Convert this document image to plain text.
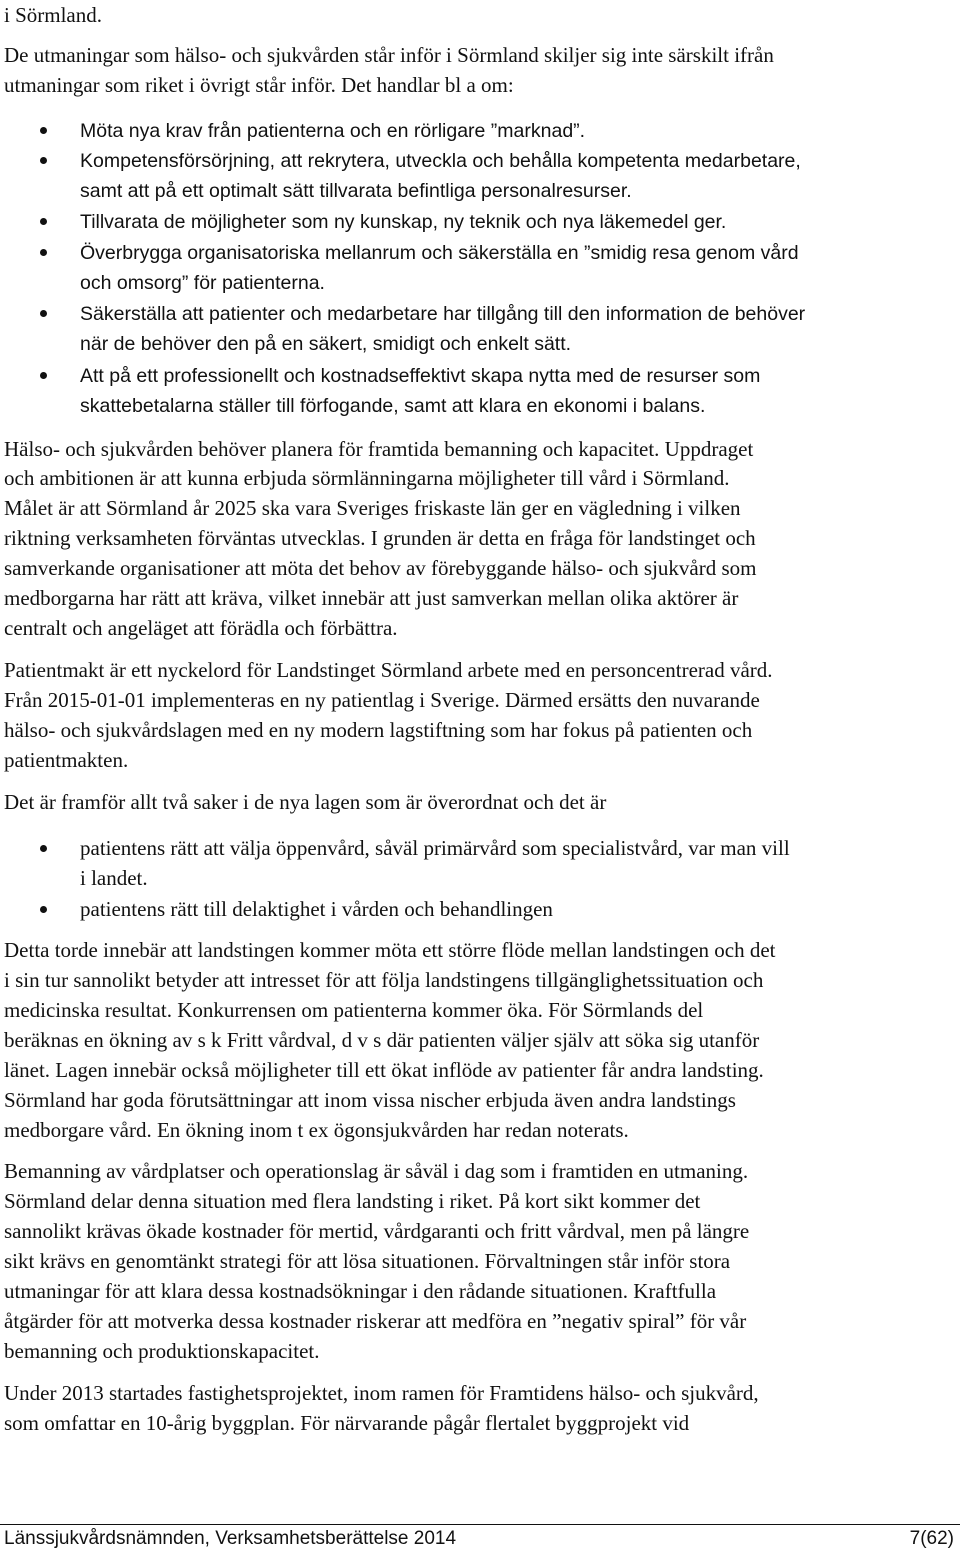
i Sörmland.
De utmaningar som hälso- och sjukvården står inför i Sörmland skiljer sig inte särskilt ifrån
utmaningar som riket i övrigt står inför. Det handlar bl a om:
Möta nya krav från patienterna och en rörligare ”marknad”.
Kompetensförsörjning, att rekrytera, utveckla och behålla kompetenta medarbetare,
samt att på ett optimalt sätt tillvarata befintliga personalresurser.
Tillvarata de möjligheter som ny kunskap, ny teknik och nya läkemedel ger.
Överbrygga organisatoriska mellanrum och säkerställa en ”smidig resa genom vård
och omsorg” för patienterna.
Säkerställa att patienter och medarbetare har tillgång till den information de behöver
när de behöver den på en säkert, smidigt och enkelt sätt.
Att på ett professionellt och kostnadseffektivt skapa nytta med de resurser som
skattebetalarna ställer till förfogande, samt att klara en ekonomi i balans.
Hälso- och sjukvården behöver planera för framtida bemanning och kapacitet. Uppdraget
och ambitionen är att kunna erbjuda sörmlänningarna möjligheter till vård i Sörmland.
Målet är att Sörmland år 2025 ska vara Sveriges friskaste län ger en vägledning i vilken
riktning verksamheten förväntas utvecklas. I grunden är detta en fråga för landstinget och
samverkande organisationer att möta det behov av förebyggande hälso- och sjukvård som
medborgarna har rätt att kräva, vilket innebär att just samverkan mellan olika aktörer är
centralt och angeläget att förädla och förbättra.
Patientmakt är ett nyckelord för Landstinget Sörmland arbete med en personcentrerad vård.
Från 2015-01-01 implementeras en ny patientlag i Sverige. Därmed ersätts den nuvarande
hälso- och sjukvårdslagen med en ny modern lagstiftning som har fokus på patienten och
patientmakten.
Det är framför allt två saker i de nya lagen som är överordnat och det är
patientens rätt att välja öppenvård, såväl primärvård som specialistvård, var man vill
i landet.
patientens rätt till delaktighet i vården och behandlingen
Detta torde innebär att landstingen kommer möta ett större flöde mellan landstingen och det
i sin tur sannolikt betyder att intresset för att följa landstingens tillgänglighetssituation och
medicinska resultat. Konkurrensen om patienterna kommer öka. För Sörmlands del
beräknas en ökning av s k Fritt vårdval, d v s där patienten väljer själv att söka sig utanför
länet. Lagen innebär också möjligheter till ett ökat inflöde av patienter får andra landsting.
Sörmland har goda förutsättningar att inom vissa nischer erbjuda även andra landstings
medborgare vård. En ökning inom t ex ögonsjukvården har redan noterats.
Bemanning av vårdplatser och operationslag är såväl i dag som i framtiden en utmaning.
Sörmland delar denna situation med flera landsting i riket. På kort sikt kommer det
sannolikt krävas ökade kostnader för mertid, vårdgaranti och fritt vårdval, men på längre
sikt krävs en genomtänkt strategi för att lösa situationen. Förvaltningen står inför stora
utmaningar för att klara dessa kostnadsökningar i den rådande situationen. Kraftfulla
åtgärder för att motverka dessa kostnader riskerar att medföra en ”negativ spiral” för vår
bemanning och produktionskapacitet.
Under 2013 startades fastighetsprojektet, inom ramen för Framtidens hälso- och sjukvård,
som omfattar en 10-årig byggplan. För närvarande pågår flertalet byggprojekt vid
Länssjukvårdsnämnden, Verksamhetsberättelse 2014	7(62)
